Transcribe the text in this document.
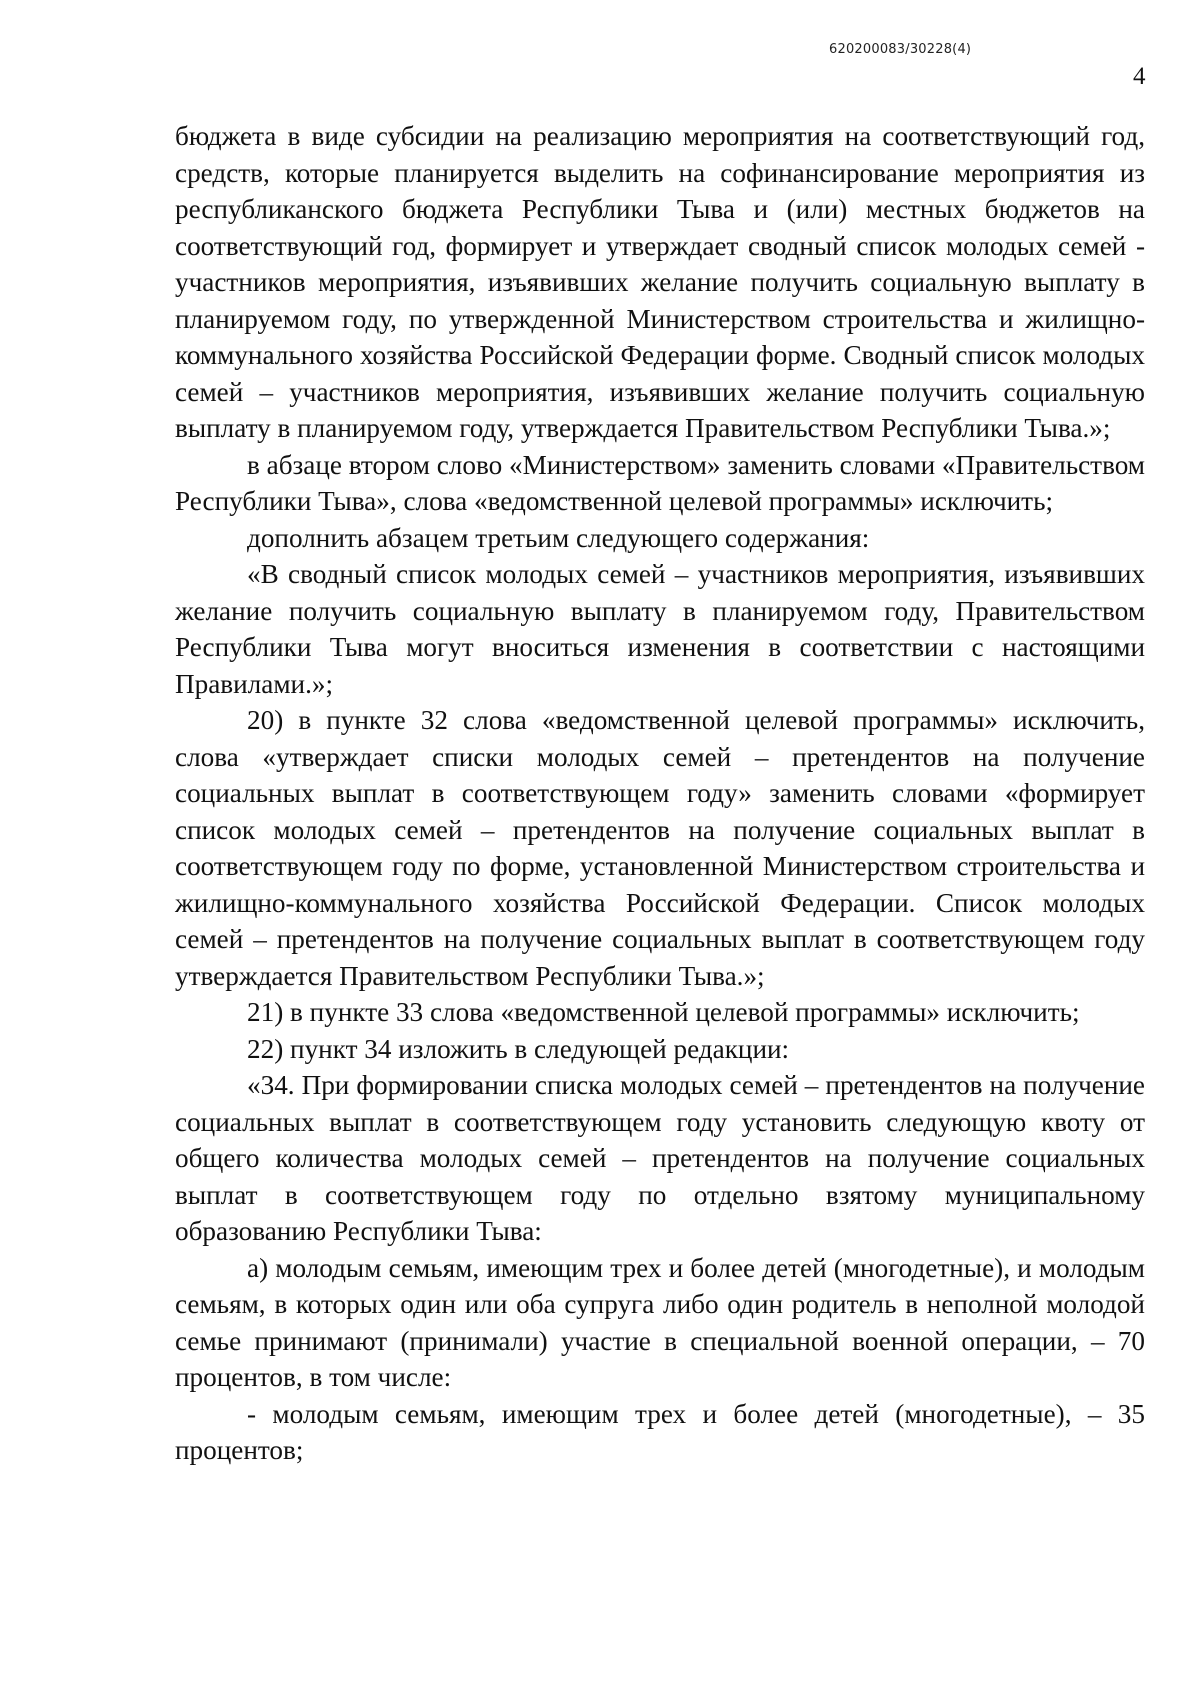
620200083/30228(4)
4

бюджета в виде субсидии на реализацию мероприятия на соответствующий год, средств, которые планируется выделить на софинансирование мероприятия из республиканского бюджета Республики Тыва и (или) местных бюджетов на соответствующий год, формирует и утверждает сводный список молодых семей - участников мероприятия, изъявивших желание получить социальную выплату в планируемом году, по утвержденной Министерством строительства и жилищно-коммунального хозяйства Российской Федерации форме. Сводный список молодых семей – участников мероприятия, изъявивших желание получить социальную выплату в планируемом году, утверждается Правительством Республики Тыва.»;

в абзаце втором слово «Министерством» заменить словами «Правительством Республики Тыва», слова «ведомственной целевой программы» исключить;

дополнить абзацем третьим следующего содержания:

«В сводный список молодых семей – участников мероприятия, изъявивших желание получить социальную выплату в планируемом году, Правительством Республики Тыва могут вноситься изменения в соответствии с настоящими Правилами.»;

20) в пункте 32 слова «ведомственной целевой программы» исключить, слова «утверждает списки молодых семей – претендентов на получение социальных выплат в соответствующем году» заменить словами «формирует список молодых семей – претендентов на получение социальных выплат в соответствующем году по форме, установленной Министерством строительства и жилищно-коммунального хозяйства Российской Федерации. Список молодых семей – претендентов на получение социальных выплат в соответствующем году утверждается Правительством Республики Тыва.»;

21) в пункте 33 слова «ведомственной целевой программы» исключить;

22) пункт 34 изложить в следующей редакции:

«34. При формировании списка молодых семей – претендентов на получение социальных выплат в соответствующем году установить следующую квоту от общего количества молодых семей – претендентов на получение социальных выплат в соответствующем году по отдельно взятому муниципальному образованию Республики Тыва:

а) молодым семьям, имеющим трех и более детей (многодетные), и молодым семьям, в которых один или оба супруга либо один родитель в неполной молодой семье принимают (принимали) участие в специальной военной операции, – 70 процентов, в том числе:

- молодым семьям, имеющим трех и более детей (многодетные), – 35 процентов;
